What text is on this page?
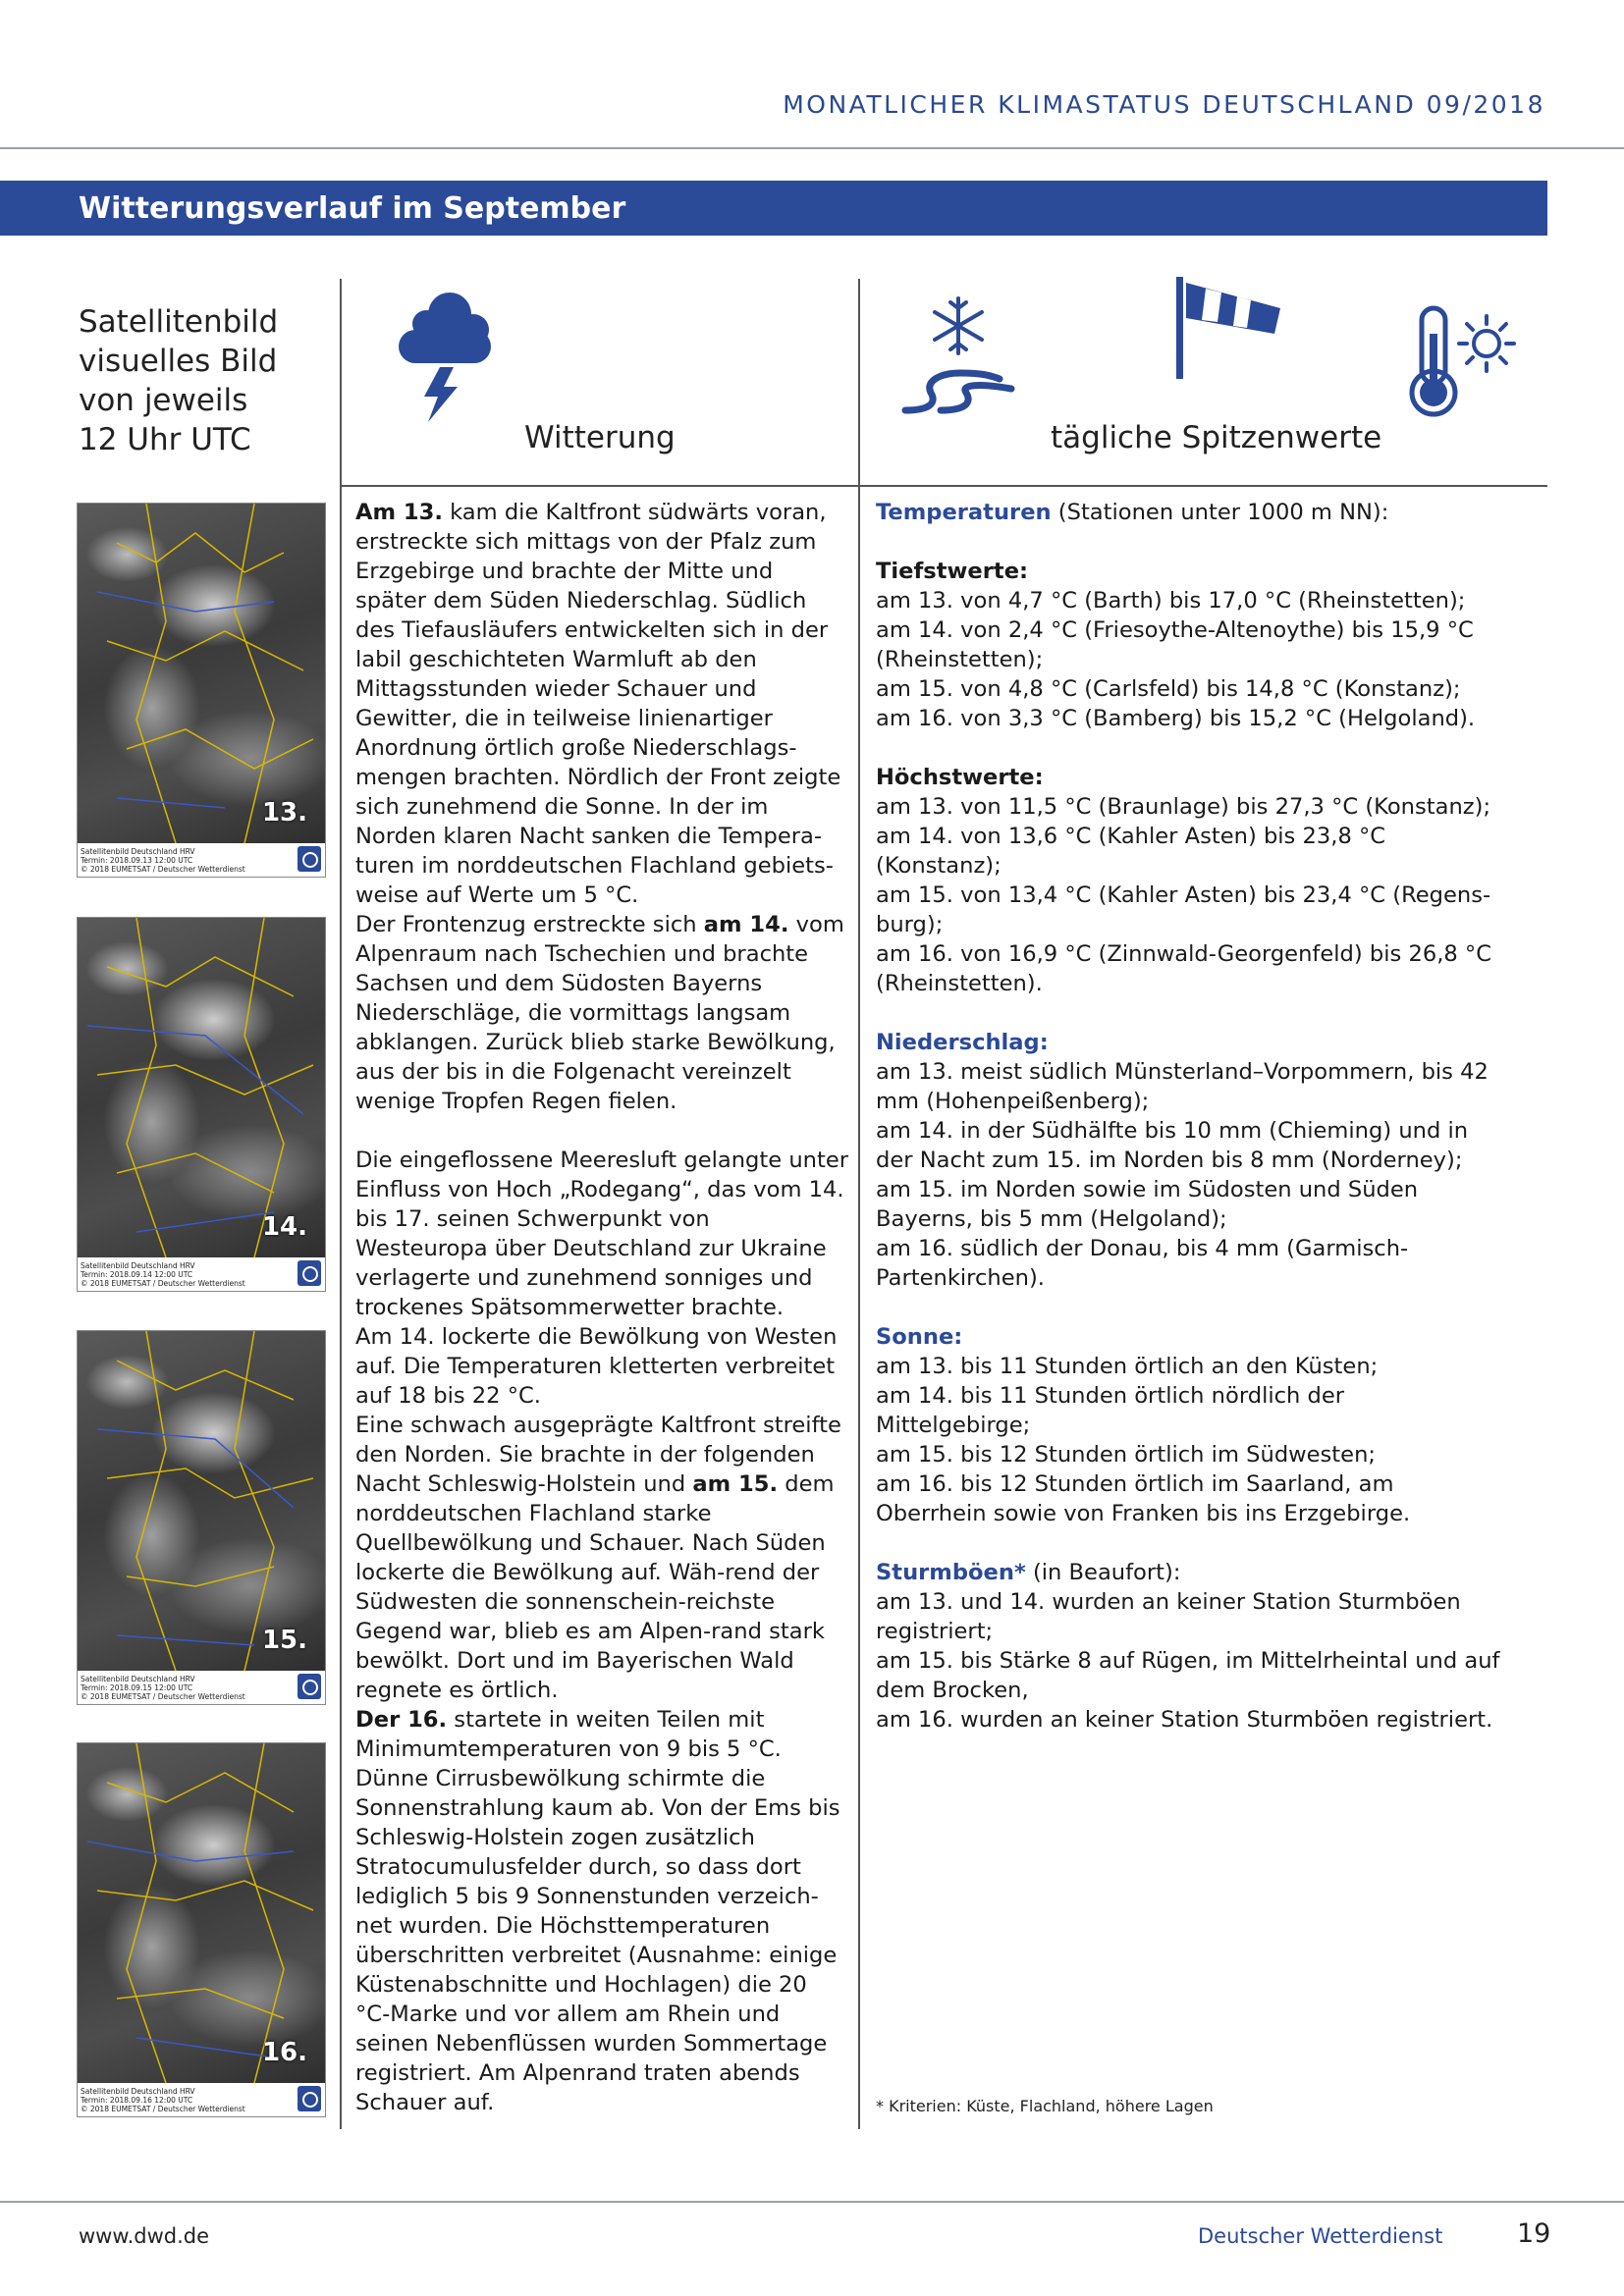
MONATLICHER KLIMASTATUS DEUTSCHLAND 09/2018
Witterungsverlauf im September
Satellitenbild
visuelles Bild
von jeweils
12 Uhr UTC	Witterung	tägliche Spitzenwerte
13.
Satellitenbild Deutschland HRV
Termin: 2018.09.13 12:00 UTC
© 2018 EUMETSAT / Deutscher Wetterdienst
14.
Satellitenbild Deutschland HRV
Termin: 2018.09.14 12:00 UTC
© 2018 EUMETSAT / Deutscher Wetterdienst
15.
Satellitenbild Deutschland HRV
Termin: 2018.09.15 12:00 UTC
© 2018 EUMETSAT / Deutscher Wetterdienst
16.
Satellitenbild Deutschland HRV
Termin: 2018.09.16 12:00 UTC
© 2018 EUMETSAT / Deutscher Wetterdienst

Am 13. kam die Kaltfront südwärts voran, erstreckte sich mittags von der Pfalz zum Erzgebirge und brachte der Mitte und später dem Süden Niederschlag. Südlich des Tiefausläufers entwickelten sich in der labil geschichteten Warmluft ab den Mittagsstunden wieder Schauer und Gewitter, die in teilweise linienartiger Anordnung örtlich große Niederschlags-mengen brachten. Nördlich der Front zeigte sich zunehmend die Sonne. In der im Norden klaren Nacht sanken die Tempera-turen im norddeutschen Flachland gebiets-weise auf Werte um 5 °C.

Der Frontenzug erstreckte sich am 14. vom Alpenraum nach Tschechien und brachte Sachsen und dem Südosten Bayerns Niederschläge, die vormittags langsam abklangen. Zurück blieb starke Bewölkung, aus der bis in die Folgenacht vereinzelt wenige Tropfen Regen fielen.

Die eingeflossene Meeresluft gelangte unter Einfluss von Hoch „Rodegang“, das vom 14. bis 17. seinen Schwerpunkt von Westeuropa über Deutschland zur Ukraine verlagerte und zunehmend sonniges und trockenes Spätsommerwetter brachte.

Am 14. lockerte die Bewölkung von Westen auf. Die Temperaturen kletterten verbreitet auf 18 bis 22 °C.

Eine schwach ausgeprägte Kaltfront streifte den Norden. Sie brachte in der folgenden Nacht Schleswig-Holstein und am 15. dem norddeutschen Flachland starke Quellbewölkung und Schauer. Nach Süden lockerte die Bewölkung auf. Wäh-rend der Südwesten die sonnenschein-reichste Gegend war, blieb es am Alpen-rand stark bewölkt. Dort und im Bayerischen Wald regnete es örtlich.

Der 16. startete in weiten Teilen mit Minimumtemperaturen von 9 bis 5 °C. Dünne Cirrusbewölkung schirmte die Sonnenstrahlung kaum ab. Von der Ems bis Schleswig-Holstein zogen zusätzlich Stratocumulusfelder durch, so dass dort lediglich 5 bis 9 Sonnenstunden verzeich-net wurden. Die Höchsttemperaturen überschritten verbreitet (Ausnahme: einige Küstenabschnitte und Hochlagen) die 20 °C-Marke und vor allem am Rhein und seinen Nebenflüssen wurden Sommertage registriert. Am Alpenrand traten abends Schauer auf.

Temperaturen (Stationen unter 1000 m NN):

Tiefstwerte:

am 13. von 4,7 °C (Barth) bis 17,0 °C (Rheinstetten);

am 14. von 2,4 °C (Friesoythe-Altenoythe) bis 15,9 °C (Rheinstetten);

am 15. von 4,8 °C (Carlsfeld) bis 14,8 °C (Konstanz);

am 16. von 3,3 °C (Bamberg) bis 15,2 °C (Helgoland).

Höchstwerte:

am 13. von 11,5 °C (Braunlage) bis 27,3 °C (Konstanz);

am 14. von 13,6 °C (Kahler Asten) bis 23,8 °C (Konstanz);

am 15. von 13,4 °C (Kahler Asten) bis 23,4 °C (Regens-burg);

am 16. von 16,9 °C (Zinnwald-Georgenfeld) bis 26,8 °C (Rheinstetten).

Niederschlag:

am 13. meist südlich Münsterland–Vorpommern, bis 42 mm (Hohenpeißenberg);

am 14. in der Südhälfte bis 10 mm (Chieming) und in der Nacht zum 15. im Norden bis 8 mm (Norderney);

am 15. im Norden sowie im Südosten und Süden Bayerns, bis 5 mm (Helgoland);

am 16. südlich der Donau, bis 4 mm (Garmisch-Partenkirchen).

Sonne:

am 13. bis 11 Stunden örtlich an den Küsten;

am 14. bis 11 Stunden örtlich nördlich der Mittelgebirge;

am 15. bis 12 Stunden örtlich im Südwesten;

am 16. bis 12 Stunden örtlich im Saarland, am Oberrhein sowie von Franken bis ins Erzgebirge.

Sturmböen* (in Beaufort):

am 13. und 14. wurden an keiner Station Sturmböen registriert;

am 15. bis Stärke 8 auf Rügen, im Mittelrheintal und auf dem Brocken,

am 16. wurden an keiner Station Sturmböen registriert.

* Kriterien: Küste, Flachland, höhere Lagen
www.dwd.de	Deutscher Wetterdienst	19
